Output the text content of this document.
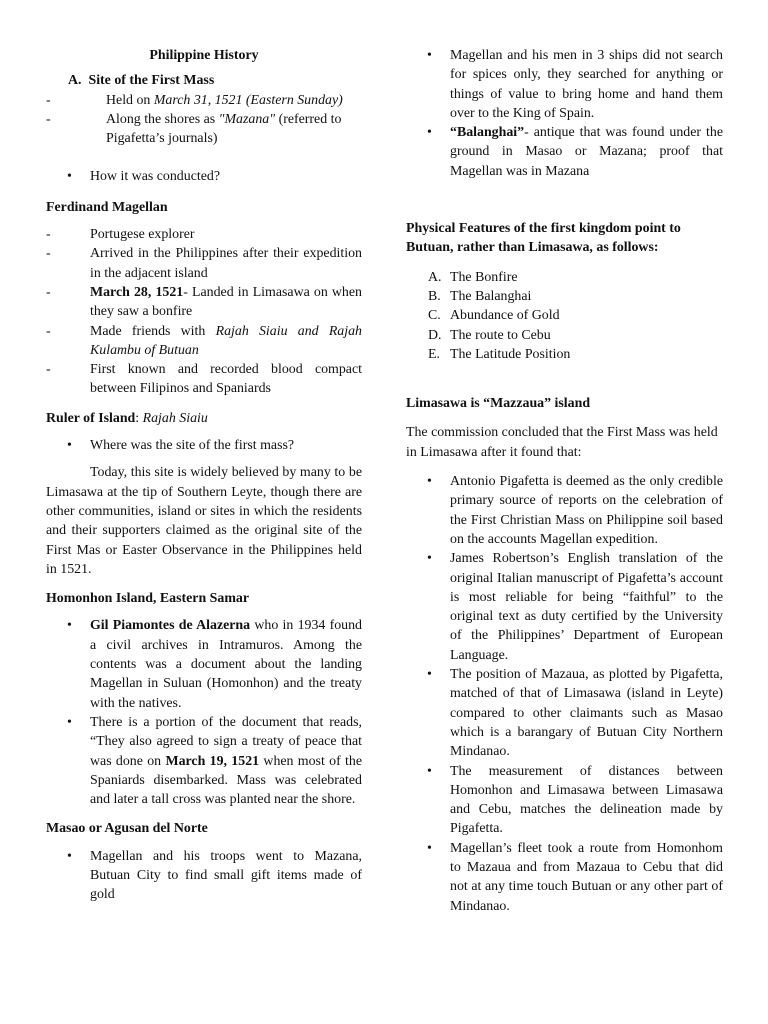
Philippine History

A. Site of the First Mass

- Held on March 31, 1521 (Eastern Sunday)
- Along the shores as "Mazana" (referred to Pigafetta’s journals)
• How it was conducted?

Ferdinand Magellan

- Portugese explorer
- Arrived in the Philippines after their expedition in the adjacent island
- March 28, 1521- Landed in Limasawa on when they saw a bonfire
- Made friends with Rajah Siaiu and Rajah Kulambu of Butuan
- First known and recorded blood compact between Filipinos and Spaniards

Ruler of Island: Rajah Siaiu

• Where was the site of the first mass?

Today, this site is widely believed by many to be Limasawa at the tip of Southern Leyte, though there are other communities, island or sites in which the residents and their supporters claimed as the original site of the First Mas or Easter Observance in the Philippines held in 1521.

Homonhon Island, Eastern Samar

• Gil Piamontes de Alazerna who in 1934 found a civil archives in Intramuros. Among the contents was a document about the landing Magellan in Suluan (Homonhon) and the treaty with the natives.
• There is a portion of the document that reads, “They also agreed to sign a treaty of peace that was done on March 19, 1521 when most of the Spaniards disembarked. Mass was celebrated and later a tall cross was planted near the shore.

Masao or Agusan del Norte

• Magellan and his troops went to Mazana, Butuan City to find small gift items made of gold
• Magellan and his men in 3 ships did not search for spices only, they searched for anything or things of value to bring home and hand them over to the King of Spain.
• “Balanghai”- antique that was found under the ground in Masao or Mazana; proof that Magellan was in Mazana

Physical Features of the first kingdom point to Butuan, rather than Limasawa, as follows:

A. The Bonfire
B. The Balanghai
C. Abundance of Gold
D. The route to Cebu
E. The Latitude Position

Limasawa is “Mazzaua” island

The commission concluded that the First Mass was held in Limasawa after it found that:

• Antonio Pigafetta is deemed as the only credible primary source of reports on the celebration of the First Christian Mass on Philippine soil based on the accounts Magellan expedition.
• James Robertson’s English translation of the original Italian manuscript of Pigafetta’s account is most reliable for being “faithful” to the original text as duty certified by the University of the Philippines’ Department of European Language.
• The position of Mazaua, as plotted by Pigafetta, matched of that of Limasawa (island in Leyte) compared to other claimants such as Masao which is a barangary of Butuan City Northern Mindanao.
• The measurement of distances between Homonhon and Limasawa between Limasawa and Cebu, matches the delineation made by Pigafetta.
• Magellan’s fleet took a route from Homonhom to Mazaua and from Mazaua to Cebu that did not at any time touch Butuan or any other part of Mindanao.
